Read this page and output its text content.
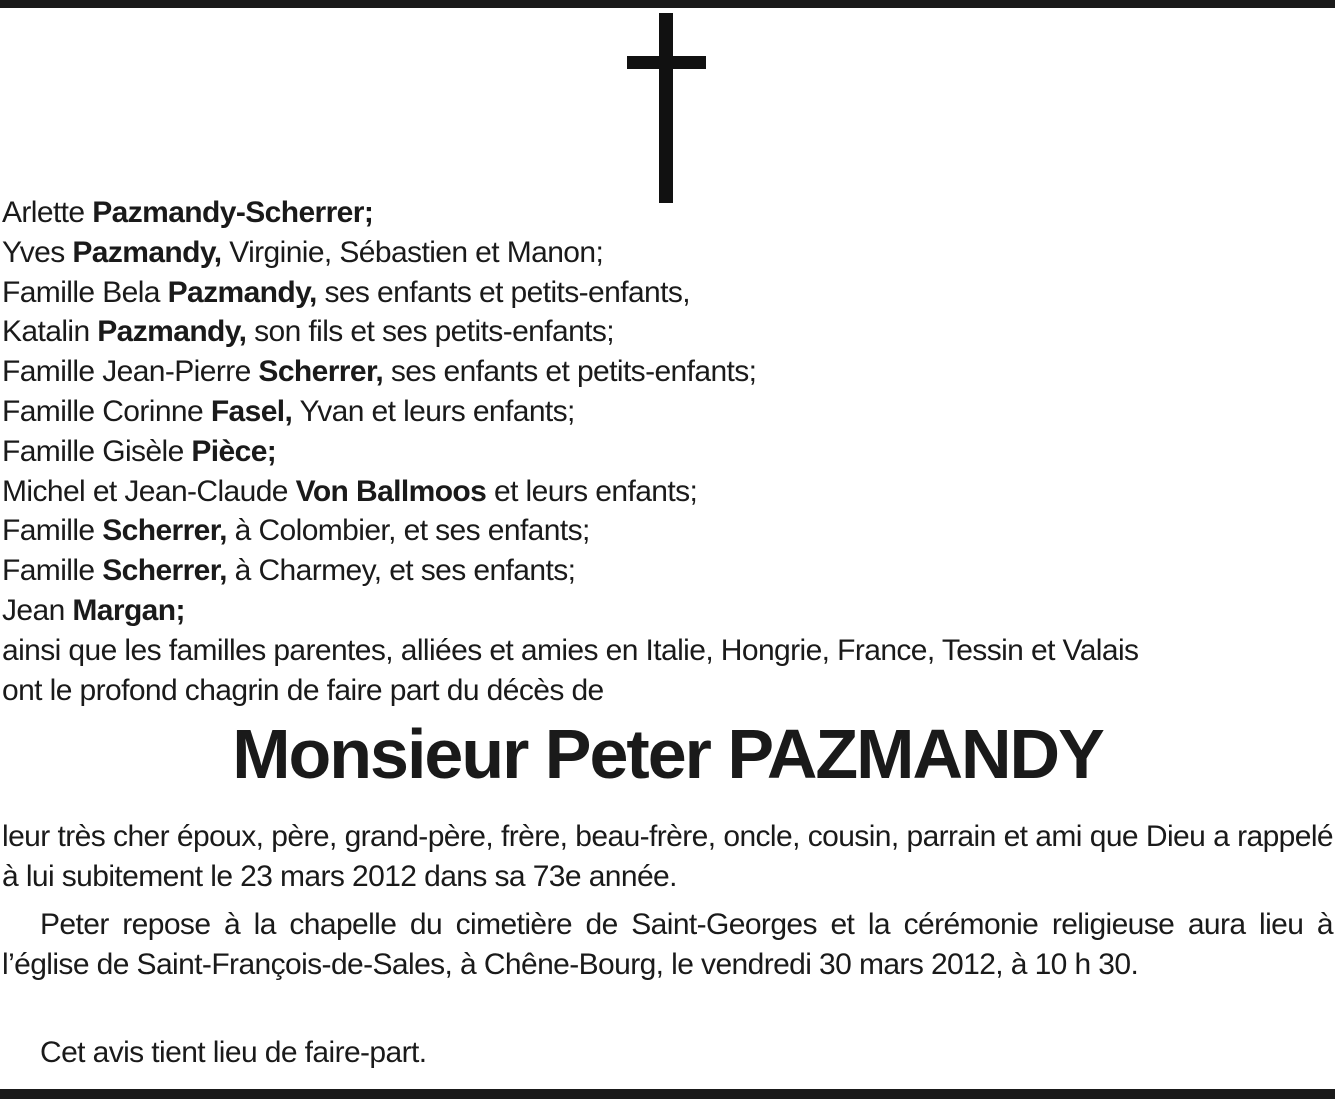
Arlette Pazmandy-Scherrer;
Yves Pazmandy, Virginie, Sébastien et Manon;
Famille Bela Pazmandy, ses enfants et petits-enfants,
Katalin Pazmandy, son fils et ses petits-enfants;
Famille Jean-Pierre Scherrer, ses enfants et petits-enfants;
Famille Corinne Fasel, Yvan et leurs enfants;
Famille Gisèle Pièce;
Michel et Jean-Claude Von Ballmoos et leurs enfants;
Famille Scherrer, à Colombier, et ses enfants;
Famille Scherrer, à Charmey, et ses enfants;
Jean Margan;
ainsi que les familles parentes, alliées et amies en Italie, Hongrie, France, Tessin et Valais
ont le profond chagrin de faire part du décès de
Monsieur Peter PAZMANDY
leur très cher époux, père, grand-père, frère, beau-frère, oncle, cousin, parrain et ami que Dieu a rappelé à lui subitement le 23 mars 2012 dans sa 73e année.
Peter repose à la chapelle du cimetière de Saint-Georges et la cérémonie religieuse aura lieu à l’église de Saint-François-de-Sales, à Chêne-Bourg, le vendredi 30 mars 2012, à 10 h 30.
Cet avis tient lieu de faire-part.
